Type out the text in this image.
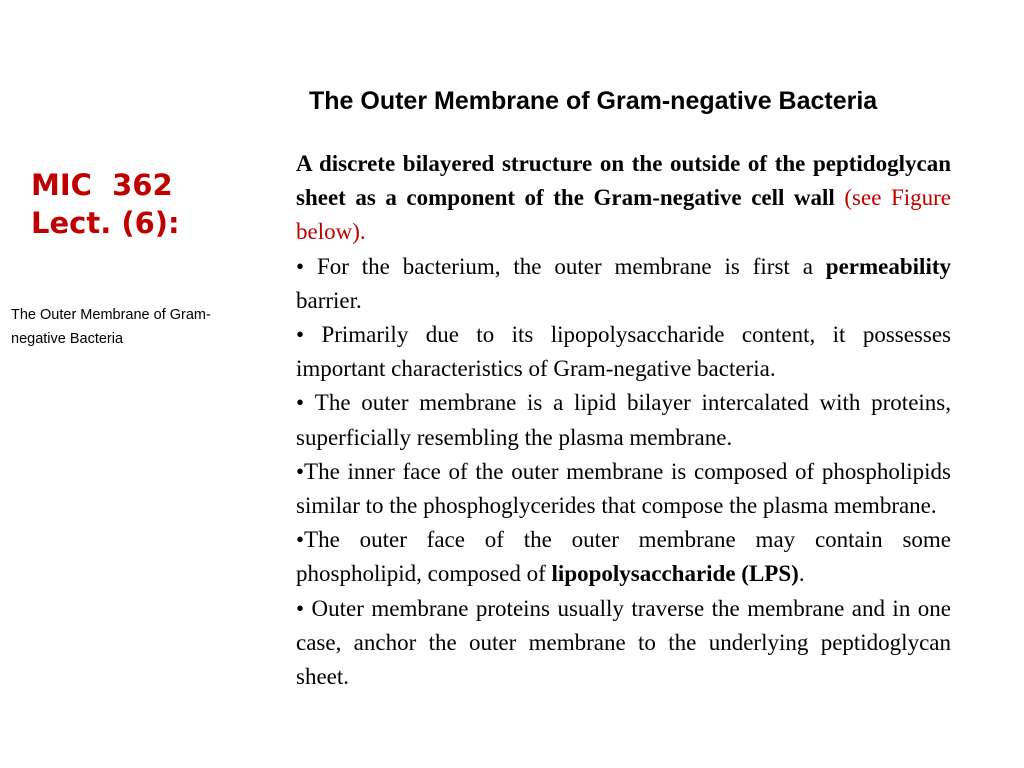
MIC  362
Lect. (6):
The Outer Membrane of Gram-negative Bacteria
The Outer Membrane of Gram-negative Bacteria

A discrete bilayered structure on the outside of the peptidoglycan sheet as a component of the Gram-negative cell wall (see Figure below).

• For the bacterium, the outer membrane is first a permeability barrier.

• Primarily due to its lipopolysaccharide content, it possesses important characteristics of Gram-negative bacteria.

• The outer membrane is a lipid bilayer intercalated with proteins, superficially resembling the plasma membrane.

•The inner face of the outer membrane is composed of phospholipids similar to the phosphoglycerides that compose the plasma membrane.

•The outer face of the outer membrane may contain some phospholipid, composed of lipopolysaccharide (LPS).

• Outer membrane proteins usually traverse the membrane and in one case, anchor the outer membrane to the underlying peptidoglycan sheet.
